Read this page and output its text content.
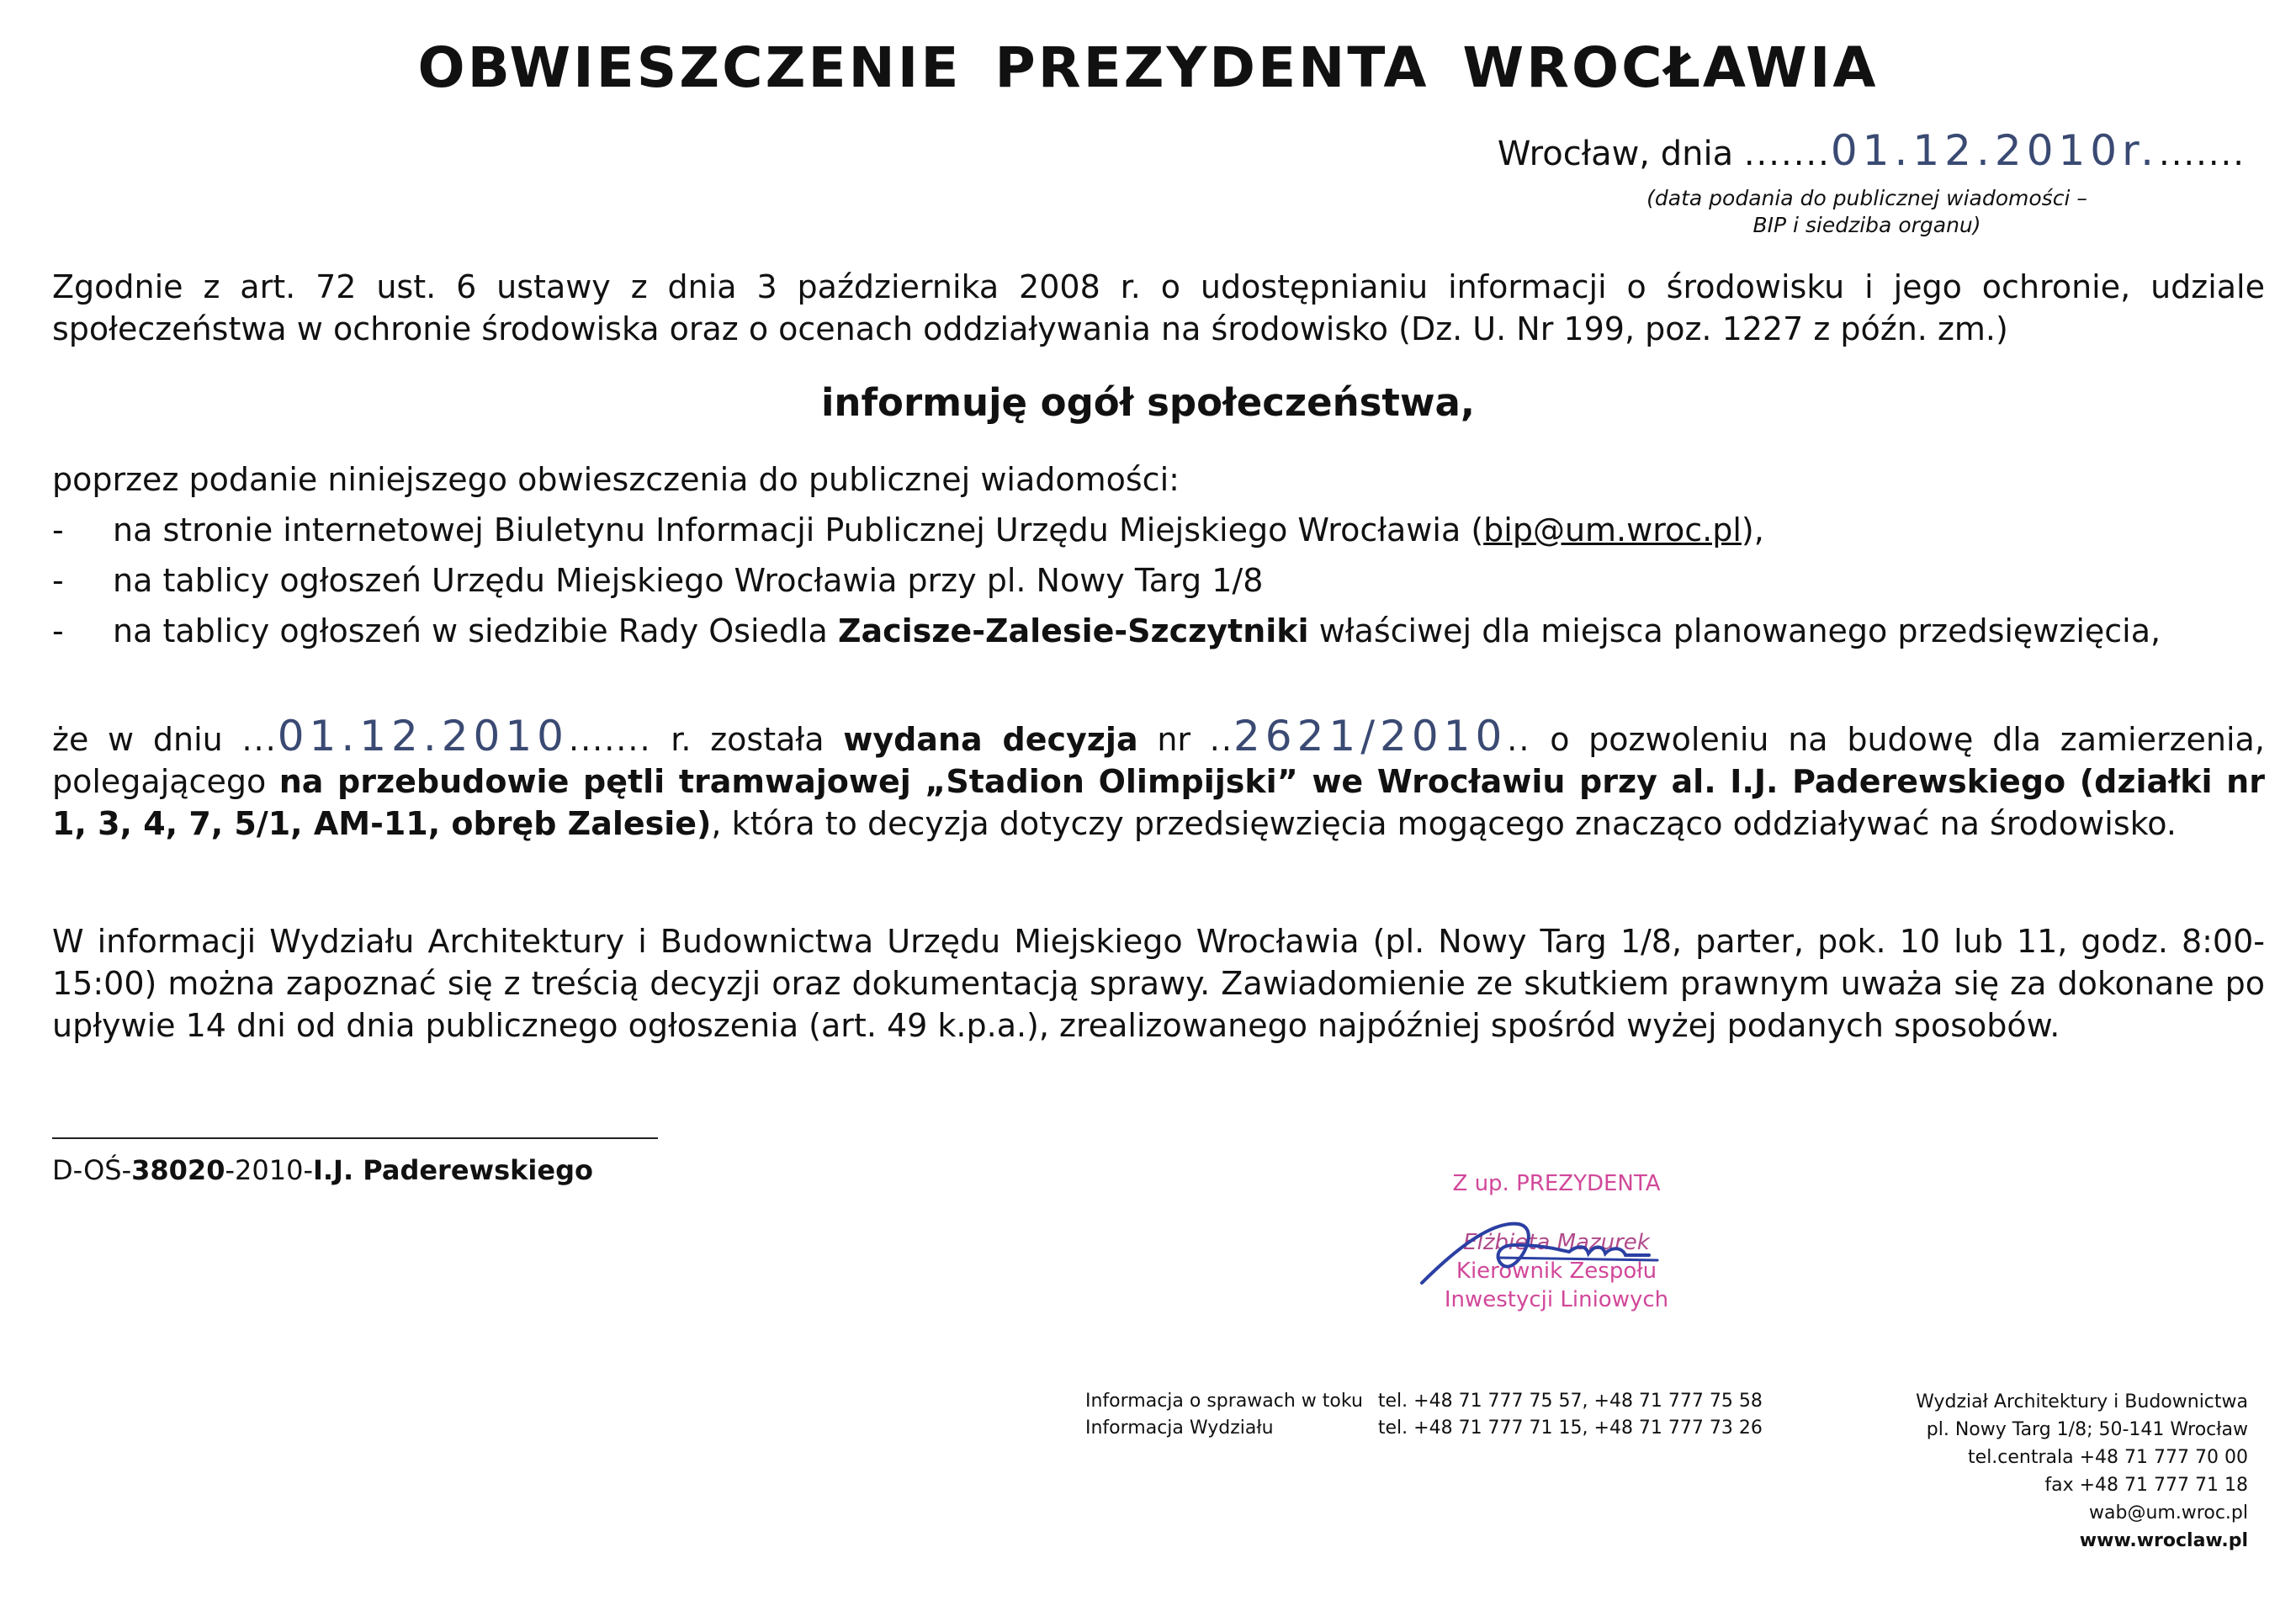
OBWIESZCZENIE PREZYDENTA WROCŁAWIA
Wrocław, dnia .......01.12.2010r........
(data podania do publicznej wiadomości –
BIP i siedziba organu)
Zgodnie z art. 72 ust. 6 ustawy z dnia 3 października 2008 r. o udostępnianiu informacji o środowisku i jego ochronie, udziale społeczeństwa w ochronie środowiska oraz o ocenach oddziaływania na środowisko (Dz. U. Nr 199, poz. 1227 z późn. zm.)
informuję ogół społeczeństwa,
poprzez podanie niniejszego obwieszczenia do publicznej wiadomości:
- na stronie internetowej Biuletynu Informacji Publicznej Urzędu Miejskiego Wrocławia (bip@um.wroc.pl),
- na tablicy ogłoszeń Urzędu Miejskiego Wrocławia przy pl. Nowy Targ 1/8
- na tablicy ogłoszeń w siedzibie Rady Osiedla Zacisze-Zalesie-Szczytniki właściwej dla miejsca planowanego przedsięwzięcia,
że w dniu ...01.12.2010....... r. została wydana decyzja nr ..2621/2010.. o pozwoleniu na budowę dla zamierzenia, polegającego na przebudowie pętli tramwajowej „Stadion Olimpijski” we Wrocławiu przy al. I.J. Paderewskiego (działki nr 1, 3, 4, 7, 5/1, AM-11, obręb Zalesie), która to decyzja dotyczy przedsięwzięcia mogącego znacząco oddziaływać na środowisko.
W informacji Wydziału Architektury i Budownictwa Urzędu Miejskiego Wrocławia (pl. Nowy Targ 1/8, parter, pok. 10 lub 11, godz. 8:00-15:00) można zapoznać się z treścią decyzji oraz dokumentacją sprawy. Zawiadomienie ze skutkiem prawnym uważa się za dokonane po upływie 14 dni od dnia publicznego ogłoszenia (art. 49 k.p.a.), zrealizowanego najpóźniej spośród wyżej podanych sposobów.
D-OŚ-38020-2010-I.J. Paderewskiego	Z up. PREZYDENTA
Elżbieta Mazurek
Kierownik Zespołu
Inwestycji Liniowych
Informacja o sprawach w toku	tel. +48 71 777 75 57, +48 71 777 75 58
Informacja Wydziału	tel. +48 71 777 71 15, +48 71 777 73 26
Wydział Architektury i Budownictwa
pl. Nowy Targ 1/8; 50-141 Wrocław
tel.centrala +48 71 777 70 00
fax +48 71 777 71 18
wab@um.wroc.pl
www.wroclaw.pl
